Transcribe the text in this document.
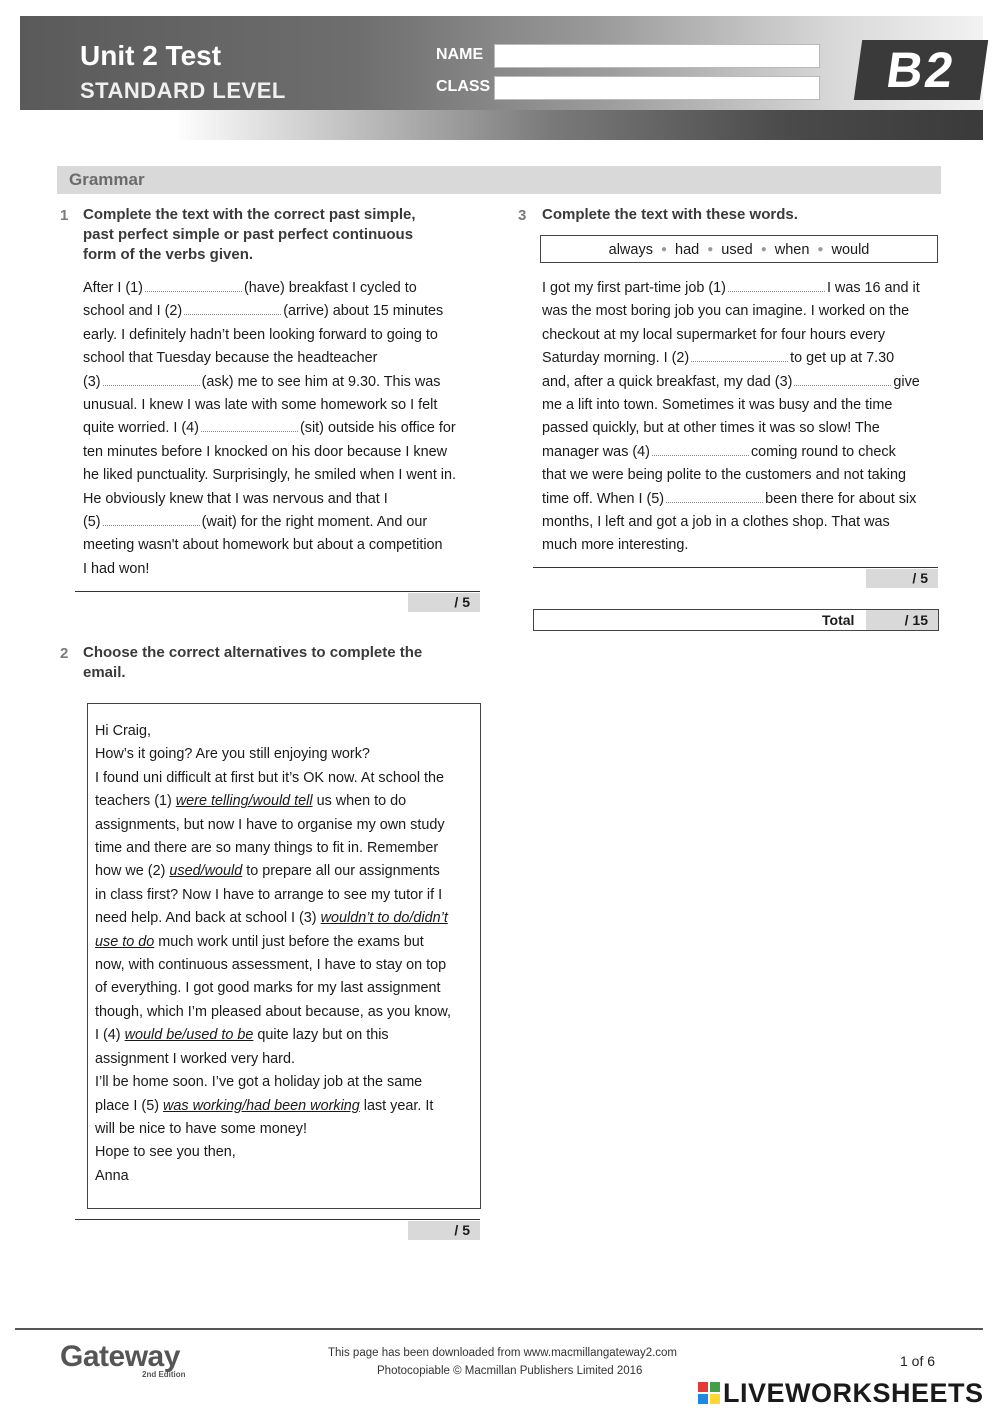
Unit 2 Test
STANDARD LEVEL
NAME
CLASS	B2
Grammar
1 Complete the text with the correct past simple,
past perfect simple or past perfect continuous
form of the verbs given.
After I (1)	(have) breakfast I cycled to
school and I (2)	(arrive) about 15 minutes
early. I definitely hadn’t been looking forward to going to
school that Tuesday because the headteacher
(3)	(ask) me to see him at 9.30. This was
unusual. I knew I was late with some homework so I felt
quite worried. I (4)	(sit) outside his office for
ten minutes before I knocked on his door because I knew
he liked punctuality. Surprisingly, he smiled when I went in.
He obviously knew that I was nervous and that I
(5)	(wait) for the right moment. And our
meeting wasn't about homework but about a competition
I had won!
/ 5
2 Choose the correct alternatives to complete the
email.
Hi Craig,
How’s it going? Are you still enjoying work?
I found uni difficult at first but it’s OK now. At school the
teachers (1) were telling/would tell us when to do
assignments, but now I have to organise my own study
time and there are so many things to fit in. Remember
how we (2) used/would to prepare all our assignments
in class first? Now I have to arrange to see my tutor if I
need help. And back at school I (3) wouldn’t to do/didn’t
use to do much work until just before the exams but
now, with continuous assessment, I have to stay on top
of everything. I got good marks for my last assignment
though, which I’m pleased about because, as you know,
I (4) would be/used to be quite lazy but on this
assignment I worked very hard.
I’ll be home soon. I’ve got a holiday job at the same
place I (5) was working/had been working last year. It
will be nice to have some money!
Hope to see you then,
Anna
/ 5
3 Complete the text with these words.
always ● had ● used ● when ● would
I got my first part-time job (1)	I was 16 and it
was the most boring job you can imagine. I worked on the
checkout at my local supermarket for four hours every
Saturday morning. I (2)	to get up at 7.30
and, after a quick breakfast, my dad (3)	give
me a lift into town. Sometimes it was busy and the time
passed quickly, but at other times it was so slow! The
manager was (4)	coming round to check
that we were being polite to the customers and not taking
time off. When I (5)	been there for about six
months, I left and got a job in a clothes shop. That was
much more interesting.
/ 5
Total	/ 15
Gateway
2nd Edition
This page has been downloaded from www.macmillangateway2.com
Photocopiable © Macmillan Publishers Limited 2016
1 of 6
LIVEWORKSHEETS
